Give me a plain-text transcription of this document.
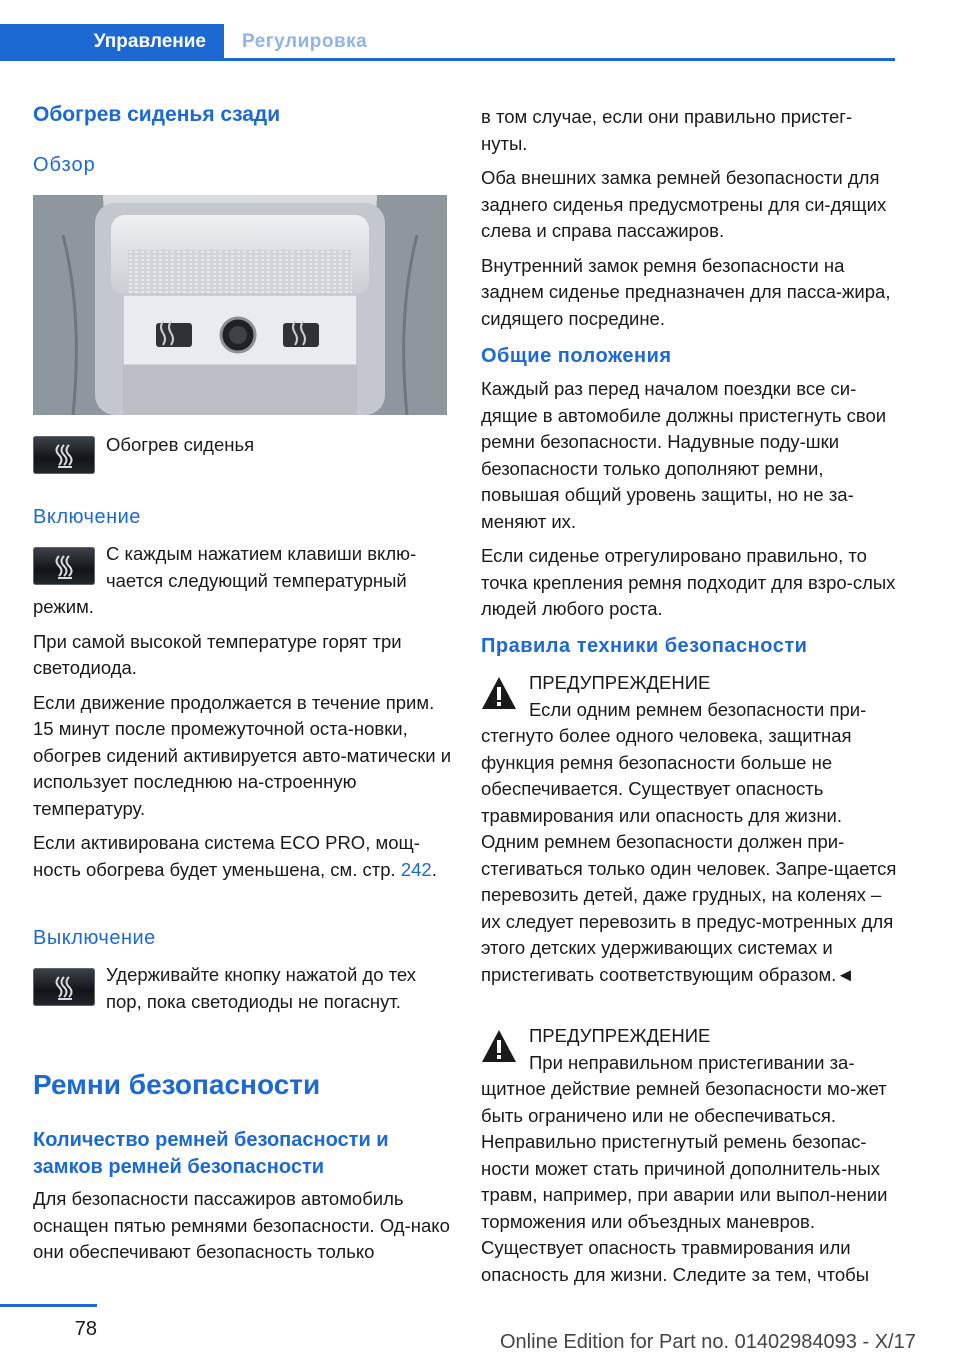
Управление	Регулировка
Обогрев сиденья сзади
Обзор

Обогрев сиденья

Включение

С каждым нажатием клавиши вклю-

чается следующий температурный

режим.

При самой высокой температуре горят три светодиода.

Если движение продолжается в течение прим. 15 минут после промежуточной оста-новки, обогрев сидений активируется авто-матически и использует последнюю на-строенную температуру.

Если активирована система ECO PRO, мощ-ность обогрева будет уменьшена, см. стр. 242.

Выключение

Удерживайте кнопку нажатой до тех

пор, пока светодиоды не погаснут.

Ремни безопасности
Количество ремней безопасности и замков ремней безопасности

Для безопасности пассажиров автомобиль оснащен пятью ремнями безопасности. Од-нако они обеспечивают безопасность только

в том случае, если они правильно пристег-нуты.

Оба внешних замка ремней безопасности для заднего сиденья предусмотрены для си-дящих слева и справа пассажиров.

Внутренний замок ремня безопасности на заднем сиденье предназначен для пасса-жира, сидящего посредине.

Общие положения

Каждый раз перед началом поездки все си-дящие в автомобиле должны пристегнуть свои ремни безопасности. Надувные поду-шки безопасности только дополняют ремни, повышая общий уровень защиты, но не за-меняют их.

Если сиденье отрегулировано правильно, то точка крепления ремня подходит для взро-слых людей любого роста.

Правила техники безопасности

ПРЕДУПРЕЖДЕНИЕ

Если одним ремнем безопасности при-

стегнуто более одного человека, защитная функция ремня безопасности больше не обеспечивается. Существует опасность травмирования или опасность для жизни. Одним ремнем безопасности должен при-стегиваться только один человек. Запре-щается перевозить детей, даже грудных, на коленях – их следует перевозить в предус-мотренных для этого детских удерживающих системах и пристегивать соответствующим образом.◄

ПРЕДУПРЕЖДЕНИЕ

При неправильном пристегивании за-

щитное действие ремней безопасности мо-жет быть ограничено или не обеспечиваться. Неправильно пристегнутый ремень безопас-ности может стать причиной дополнитель-ных травм, например, при аварии или выпол-нении торможения или объездных маневров. Существует опасность травмирования или опасность для жизни. Следите за тем, чтобы

78
Online Edition for Part no. 01402984093 - X/17
